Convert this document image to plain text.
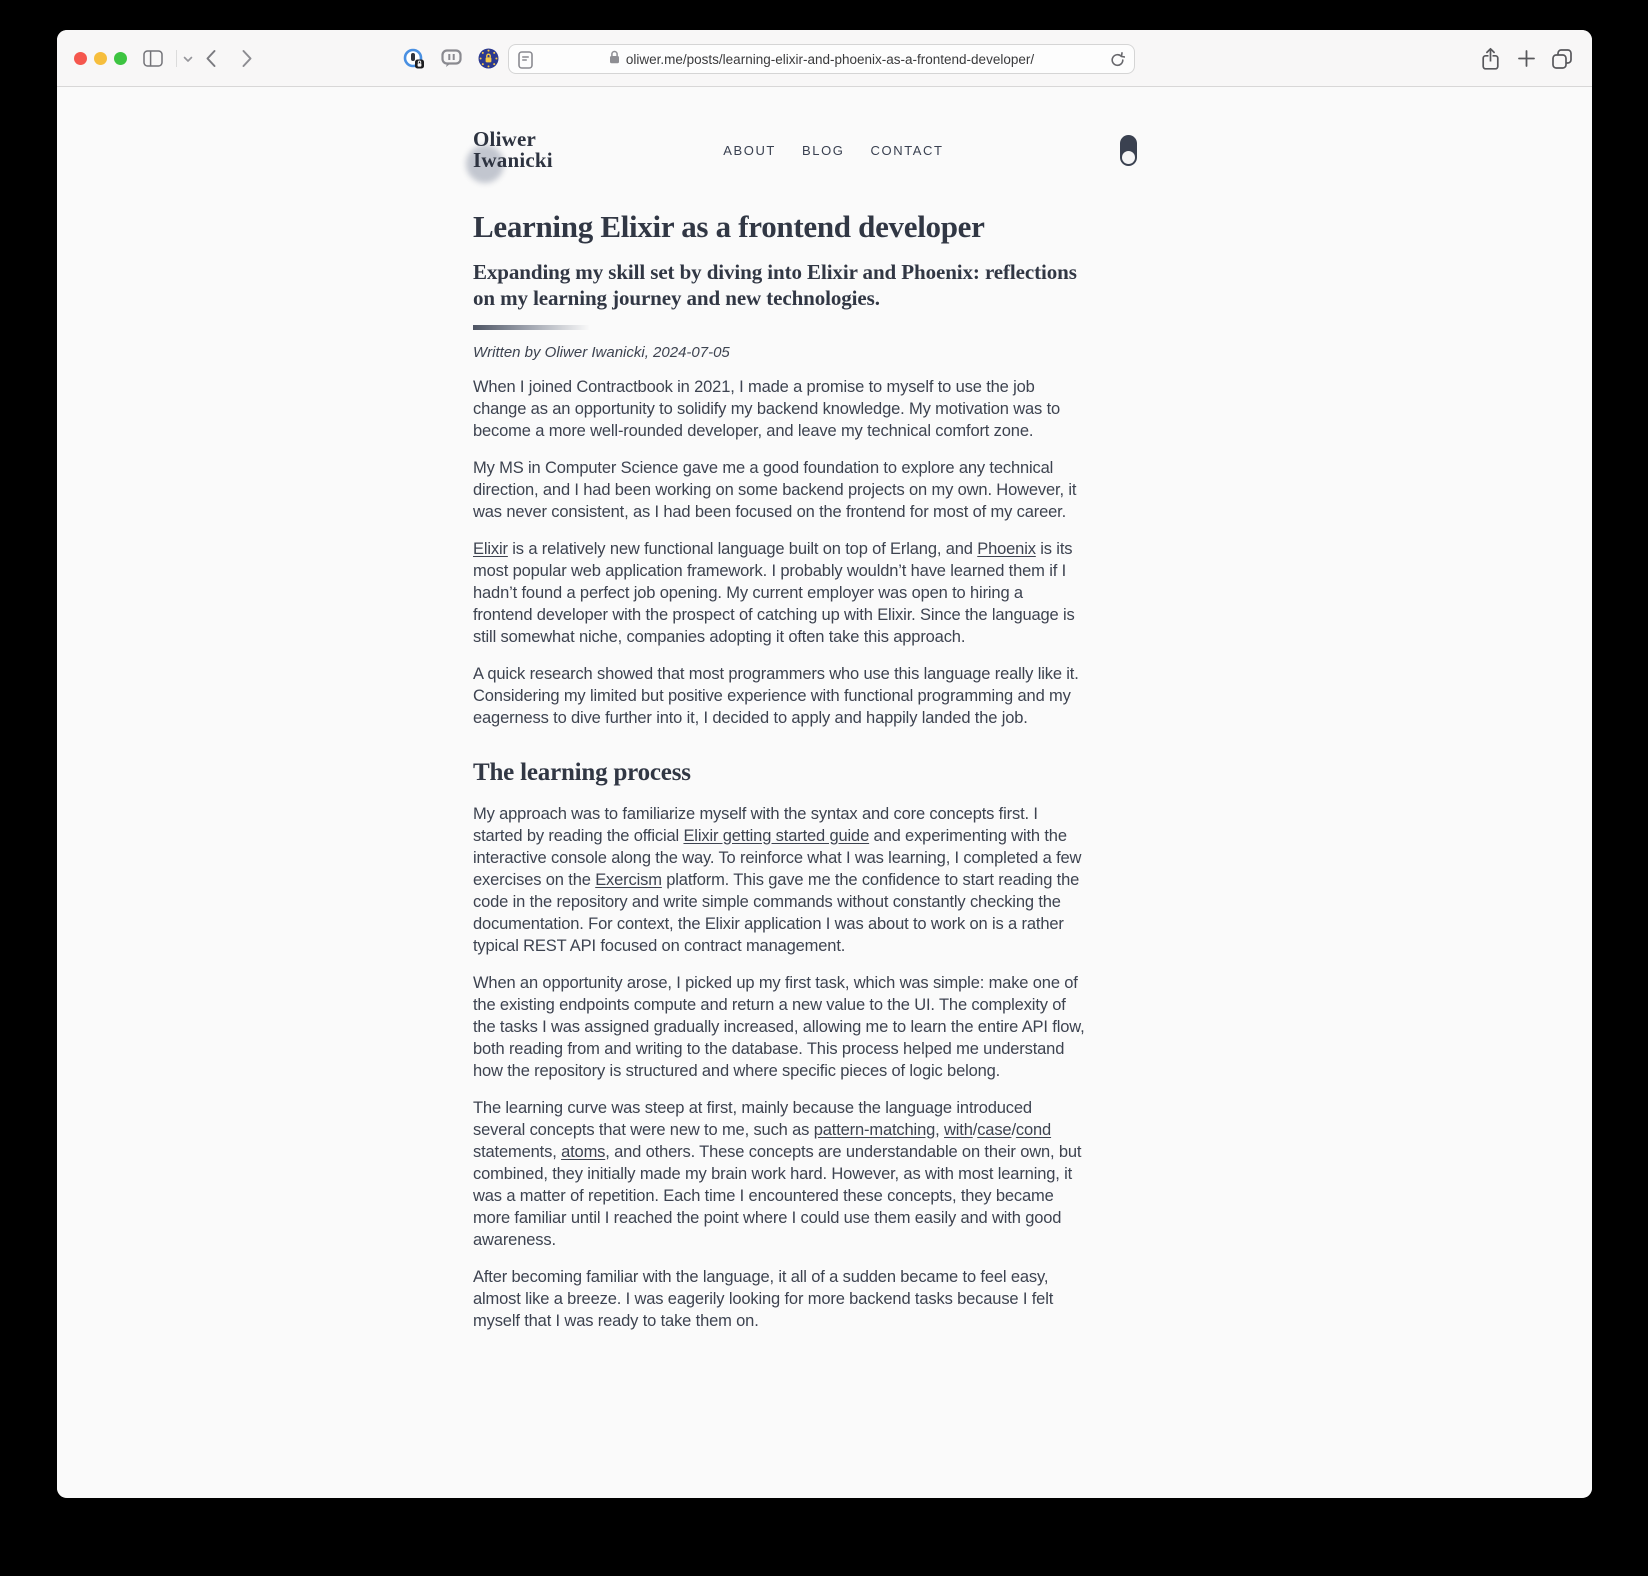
oliwer.me/posts/learning-elixir-and-phoenix-as-a-frontend-developer/
Oliwer
Iwanicki	ABOUT BLOG CONTACT
Learning Elixir as a frontend developer
Expanding my skill set by diving into Elixir and Phoenix: reflections on my learning journey and new technologies.
Written by Oliwer Iwanicki, 2024-07-05

When I joined Contractbook in 2021, I made a promise to myself to use the job change as an opportunity to solidify my backend knowledge. My motivation was to become a more well-rounded developer, and leave my technical comfort zone.

My MS in Computer Science gave me a good foundation to explore any technical direction, and I had been working on some backend projects on my own. However, it was never consistent, as I had been focused on the frontend for most of my career.

Elixir is a relatively new functional language built on top of Erlang, and Phoenix is its most popular web application framework. I probably wouldn’t have learned them if I hadn’t found a perfect job opening. My current employer was open to hiring a frontend developer with the prospect of catching up with Elixir. Since the language is still somewhat niche, companies adopting it often take this approach.

A quick research showed that most programmers who use this language really like it. Considering my limited but positive experience with functional programming and my eagerness to dive further into it, I decided to apply and happily landed the job.

The learning process

My approach was to familiarize myself with the syntax and core concepts first. I started by reading the official Elixir getting started guide and experimenting with the interactive console along the way. To reinforce what I was learning, I completed a few exercises on the Exercism platform. This gave me the confidence to start reading the code in the repository and write simple commands without constantly checking the documentation. For context, the Elixir application I was about to work on is a rather typical REST API focused on contract management.

When an opportunity arose, I picked up my first task, which was simple: make one of the existing endpoints compute and return a new value to the UI. The complexity of the tasks I was assigned gradually increased, allowing me to learn the entire API flow, both reading from and writing to the database. This process helped me understand how the repository is structured and where specific pieces of logic belong.

The learning curve was steep at first, mainly because the language introduced several concepts that were new to me, such as pattern-matching, with/case/cond statements, atoms, and others. These concepts are understandable on their own, but combined, they initially made my brain work hard. However, as with most learning, it was a matter of repetition. Each time I encountered these concepts, they became more familiar until I reached the point where I could use them easily and with good awareness.

After becoming familiar with the language, it all of a sudden became to feel easy, almost like a breeze. I was eagerily looking for more backend tasks because I felt myself that I was ready to take them on.
